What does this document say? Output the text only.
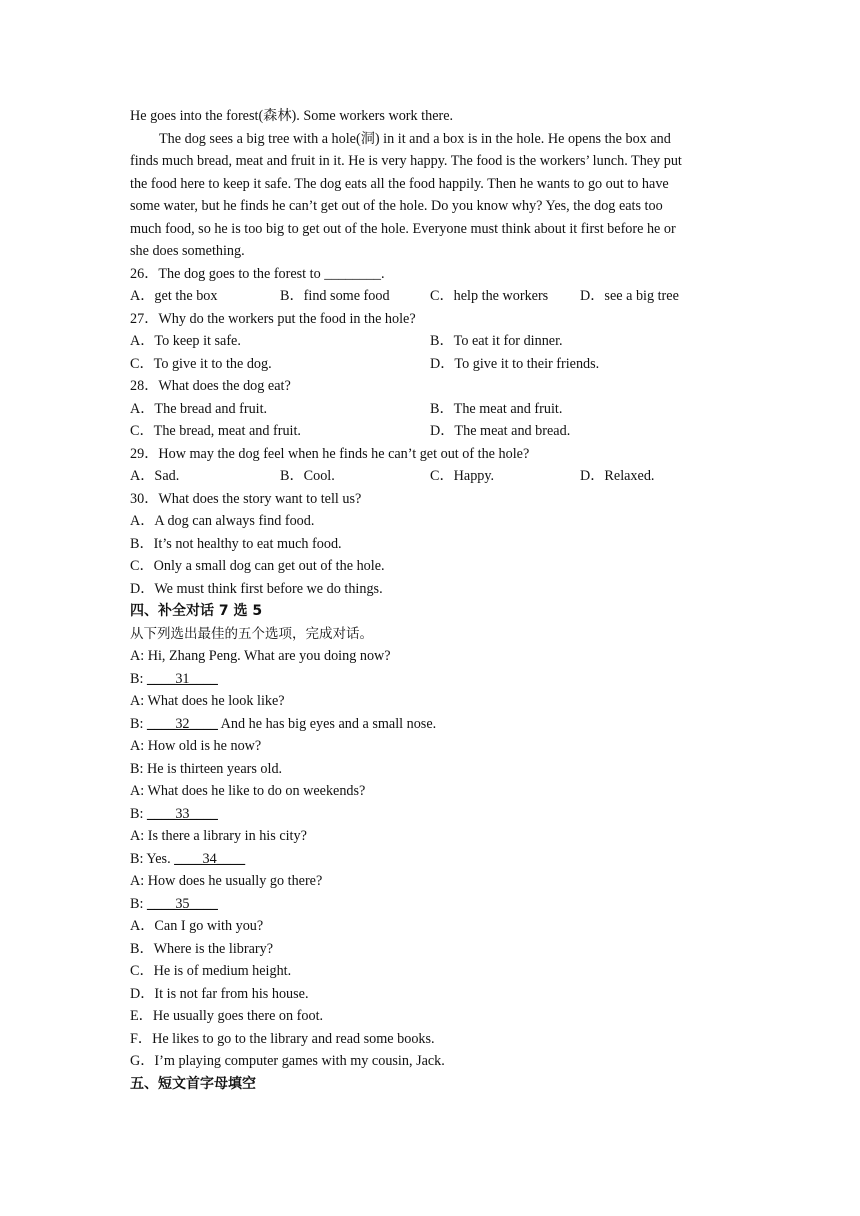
He goes into the forest(森林). Some workers work there.
The dog sees a big tree with a hole(洞) in it and a box is in the hole. He opens the box and
finds much bread, meat and fruit in it. He is very happy. The food is the workers’ lunch. They put
the food here to keep it safe. The dog eats all the food happily. Then he wants to go out to have
some water, but he finds he can’t get out of the hole. Do you know why? Yes, the dog eats too
much food, so he is too big to get out of the hole. Everyone must think about it first before he or
she does something.
26．The dog goes to the forest to ________.
A．get the box	B．find some food	C．help the workers	D．see a big tree
27．Why do the workers put the food in the hole?
A．To keep it safe.	B．To eat it for dinner.
C．To give it to the dog.	D．To give it to their friends.
28．What does the dog eat?
A．The bread and fruit.	B．The meat and fruit.
C．The bread, meat and fruit.	D．The meat and bread.
29．How may the dog feel when he finds he can’t get out of the hole?
A．Sad.	B．Cool.	C．Happy.	D．Relaxed.
30．What does the story want to tell us?
A．A dog can always find food.
B．It’s not healthy to eat much food.
C．Only a small dog can get out of the hole.
D．We must think first before we do things.
四、补全对话 7 选 5
从下列选出最佳的五个选项，完成对话。
A: Hi, Zhang Peng. What are you doing now?
B: ____31____
A: What does he look like?
B: ____32____ And he has big eyes and a small nose.
A: How old is he now?
B: He is thirteen years old.
A: What does he like to do on weekends?
B: ____33____
A: Is there a library in his city?
B: Yes. ____34____
A: How does he usually go there?
B: ____35____
A．Can I go with you?
B．Where is the library?
C．He is of medium height.
D．It is not far from his house.
E．He usually goes there on foot.
F．He likes to go to the library and read some books.
G．I’m playing computer games with my cousin, Jack.
五、短文首字母填空
